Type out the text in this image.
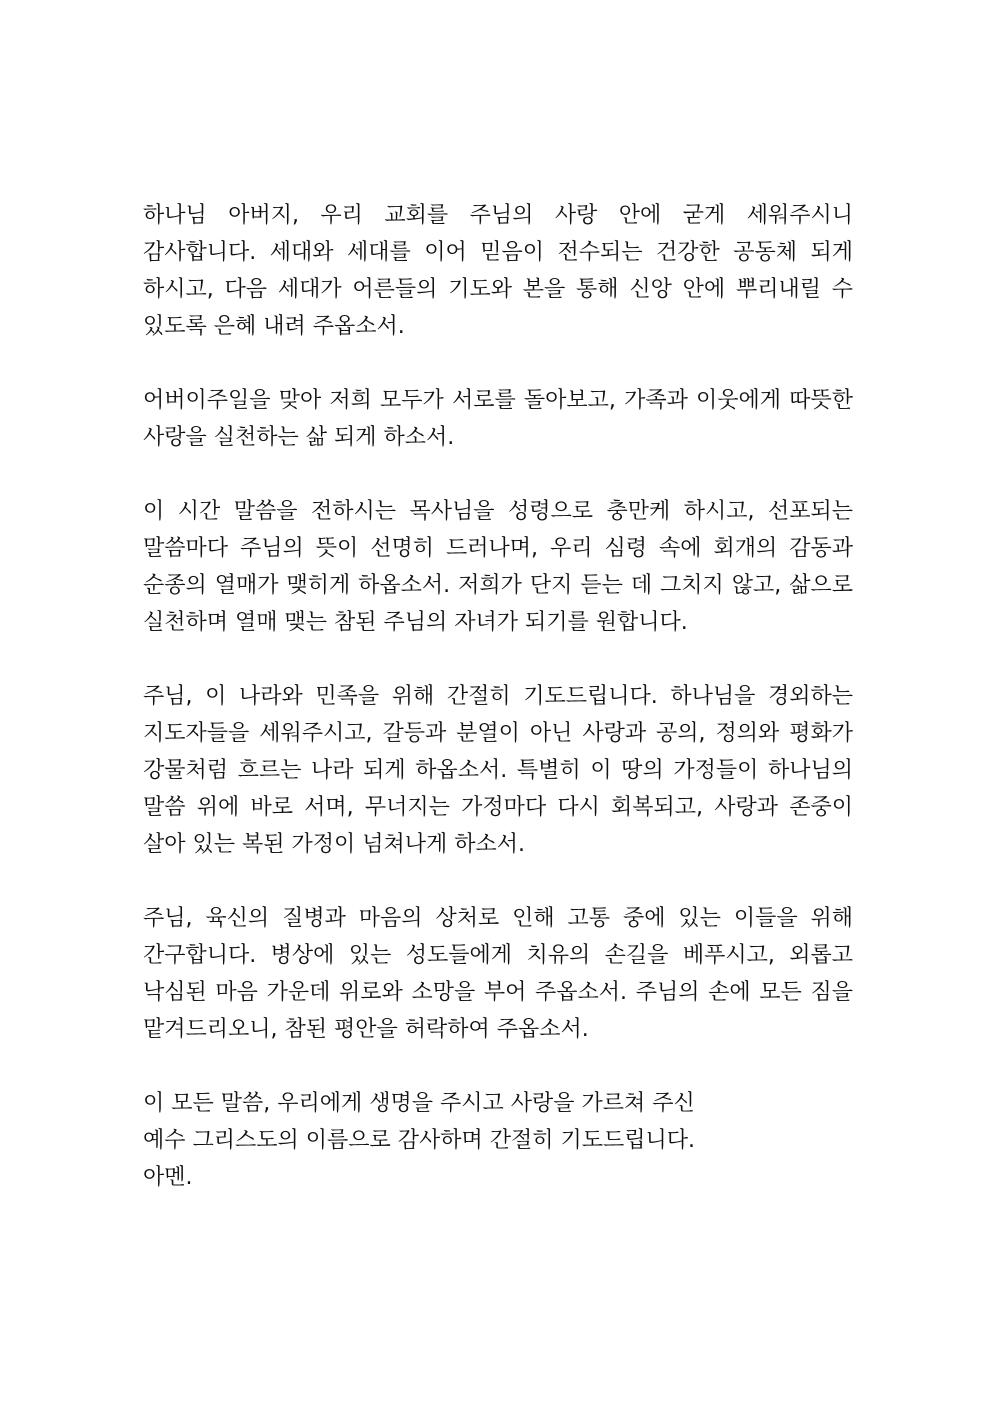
하나님 아버지, 우리 교회를 주님의 사랑 안에 굳게 세워주시니 감사합니다. 세대와 세대를 이어 믿음이 전수되는 건강한 공동체 되게 하시고, 다음 세대가 어른들의 기도와 본을 통해 신앙 안에 뿌리내릴 수 있도록 은혜 내려 주옵소서.

어버이주일을 맞아 저희 모두가 서로를 돌아보고, 가족과 이웃에게 따뜻한 사랑을 실천하는 삶 되게 하소서.

이 시간 말씀을 전하시는 목사님을 성령으로 충만케 하시고, 선포되는 말씀마다 주님의 뜻이 선명히 드러나며, 우리 심령 속에 회개의 감동과 순종의 열매가 맺히게 하옵소서. 저희가 단지 듣는 데 그치지 않고, 삶으로 실천하며 열매 맺는 참된 주님의 자녀가 되기를 원합니다.

주님, 이 나라와 민족을 위해 간절히 기도드립니다. 하나님을 경외하는 지도자들을 세워주시고, 갈등과 분열이 아닌 사랑과 공의, 정의와 평화가 강물처럼 흐르는 나라 되게 하옵소서. 특별히 이 땅의 가정들이 하나님의 말씀 위에 바로 서며, 무너지는 가정마다 다시 회복되고, 사랑과 존중이 살아 있는 복된 가정이 넘쳐나게 하소서.

주님, 육신의 질병과 마음의 상처로 인해 고통 중에 있는 이들을 위해 간구합니다. 병상에 있는 성도들에게 치유의 손길을 베푸시고, 외롭고 낙심된 마음 가운데 위로와 소망을 부어 주옵소서. 주님의 손에 모든 짐을 맡겨드리오니, 참된 평안을 허락하여 주옵소서.

이 모든 말씀, 우리에게 생명을 주시고 사랑을 가르쳐 주신
예수 그리스도의 이름으로 감사하며 간절히 기도드립니다.
아멘.
